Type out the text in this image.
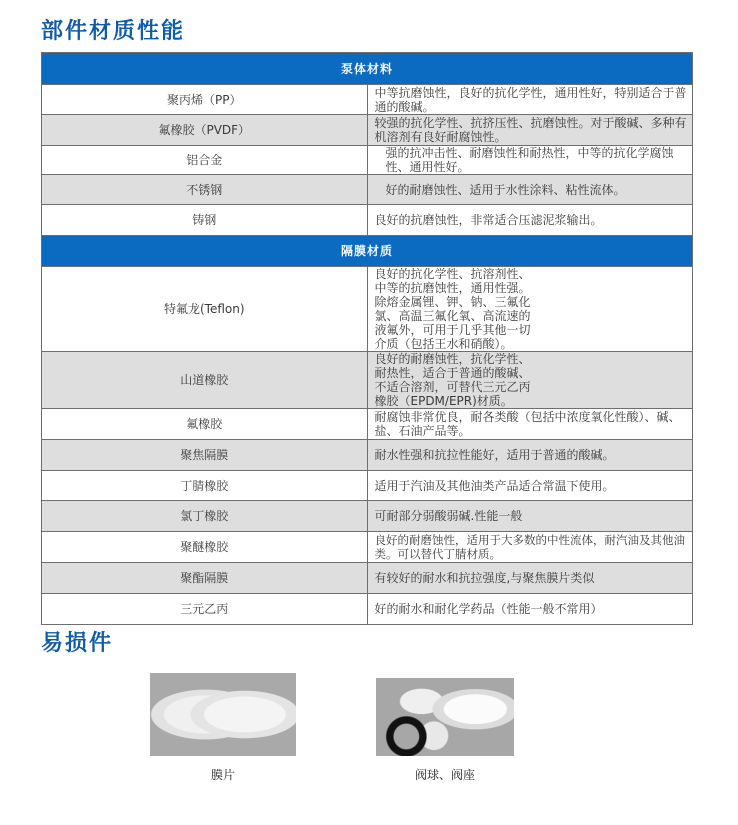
部件材质性能
泵体材料	
聚丙烯（PP）	中等抗磨蚀性，良好的抗化学性，通用性好，特别适合于普通的酸碱。
氟橡胶（PVDF）	较强的抗化学性、抗挤压性、抗磨蚀性。对于酸碱、多种有机溶剂有良好耐腐蚀性。
铝合金	强的抗冲击性、耐磨蚀性和耐热性，中等的抗化学腐蚀性、通用性好。
不锈钢	好的耐磨蚀性、适用于水性涂料、粘性流体。
铸钢	良好的抗磨蚀性，非常适合压滤泥浆输出。
隔膜材质	
特氟龙(Teflon)	良好的抗化学性、抗溶剂性、中等的抗磨蚀性，通用性强。除熔金属锂、钾、钠、三氟化氯、高温三氟化氧、高流速的液氟外，可用于几乎其他一切介质（包括王水和硝酸）。
山道橡胶	良好的耐磨蚀性，抗化学性、耐热性，适合于普通的酸碱、不适合溶剂，可替代三元乙丙橡胶（EPDM/EPR)材质。
氟橡胶	耐腐蚀非常优良，耐各类酸（包括中浓度氧化性酸）、碱、盐、石油产品等。
聚焦隔膜	耐水性强和抗拉性能好，适用于普通的酸碱。
丁腈橡胶	适用于汽油及其他油类产品适合常温下使用。
氯丁橡胶	可耐部分弱酸弱碱.性能一般
聚醚橡胶	良好的耐磨蚀性，适用于大多数的中性流体，耐汽油及其他油类。可以替代丁腈材质。
聚酯隔膜	有较好的耐水和抗拉强度,与聚焦膜片类似
三元乙丙	好的耐水和耐化学药品（性能一般不常用）
易损件
膜片	阀球、阀座
